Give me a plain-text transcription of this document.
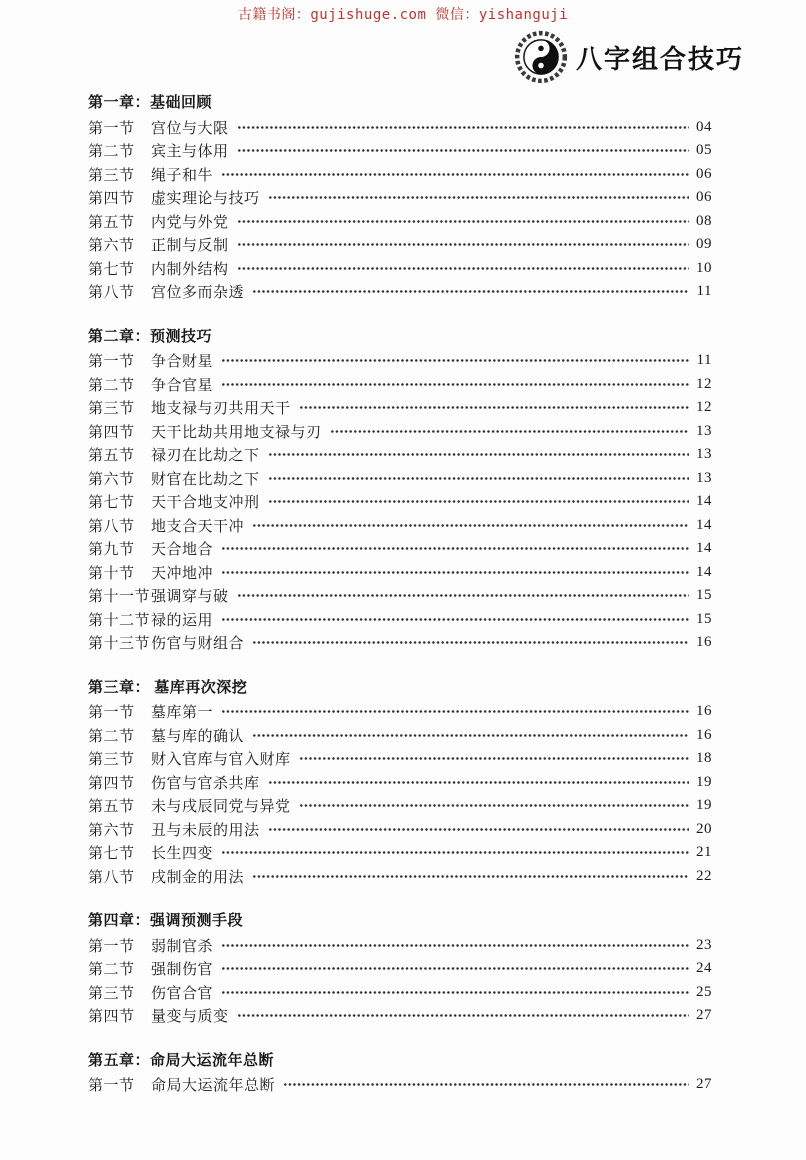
古籍书阁：gujishuge.com 微信：yishanguji
八字组合技巧
第一章：基础回顾
第一节	宫位与大限	04
第二节	宾主与体用	05
第三节	绳子和牛	06
第四节	虚实理论与技巧	06
第五节	内党与外党	08
第六节	正制与反制	09
第七节	内制外结构	10
第八节	宫位多而杂透	11
第二章：预测技巧
第一节	争合财星	11
第二节	争合官星	12
第三节	地支禄与刃共用天干	12
第四节	天干比劫共用地支禄与刃	13
第五节	禄刃在比劫之下	13
第六节	财官在比劫之下	13
第七节	天干合地支冲刑	14
第八节	地支合天干冲	14
第九节	天合地合	14
第十节	天冲地冲	14
第十一节 强调穿与破	15
第十二节 禄的运用	15
第十三节 伤官与财组合	16
第三章： 墓库再次深挖
第一节	墓库第一	16
第二节	墓与库的确认	16
第三节	财入官库与官入财库	18
第四节	伤官与官杀共库	19
第五节	未与戌辰同党与异党	19
第六节	丑与未辰的用法	20
第七节	长生四变	21
第八节	戌制金的用法	22
第四章：强调预测手段
第一节	弱制官杀	23
第二节	强制伤官	24
第三节	伤官合官	25
第四节	量变与质变	27
第五章：命局大运流年总断
第一节	命局大运流年总断	27
